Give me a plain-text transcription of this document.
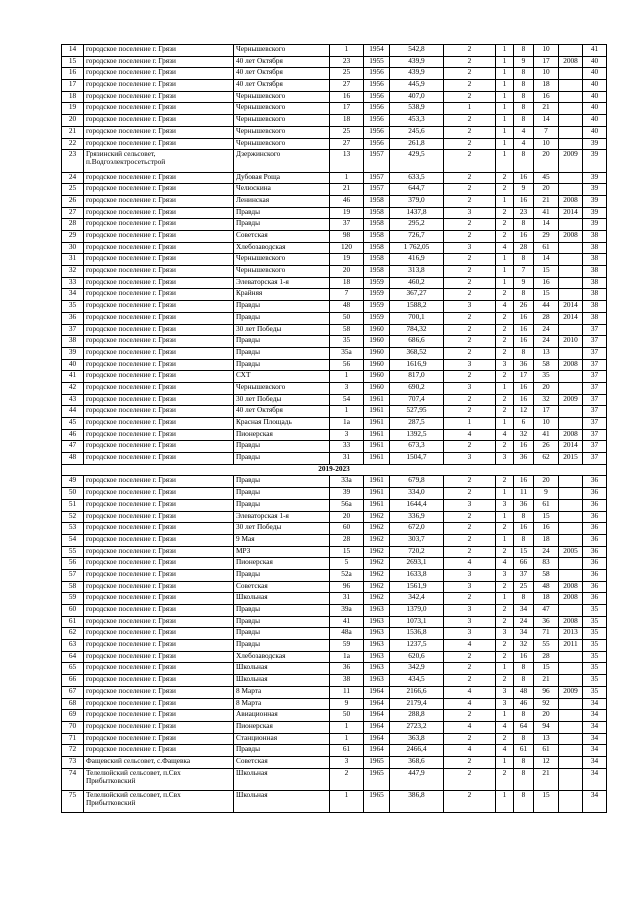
14	городское поселение г. Грязи	Чернышевского	1	1954	542,8	2	1	8	10		41
15	городское поселение г. Грязи	40 лет Октября	23	1955	439,9	2	1	9	17	2008	40
16	городское поселение г. Грязи	40 лет Октября	25	1956	439,9	2	1	8	10		40
17	городское поселение г. Грязи	40 лет Октября	27	1956	445,9	2	1	8	18		40
18	городское поселение г. Грязи	Чернышевского	16	1956	407,0	2	1	8	16		40
19	городское поселение г. Грязи	Чернышевского	17	1956	538,9	1	1	8	21		40
20	городское поселение г. Грязи	Чернышевского	18	1956	453,3	2	1	8	14		40
21	городское поселение г. Грязи	Чернышевского	25	1956	245,6	2	1	4	7		40
22	городское поселение г. Грязи	Чернышевского	27	1956	261,8	2	1	4	10		39
23	Грязинский сельсовет, п.Водгоэлектросетьстрой	Дзержинского	13	1957	429,5	2	1	8	20	2009	39
24	городское поселение г. Грязи	Дубовая Роща	1	1957	633,5	2	2	16	45		39
25	городское поселение г. Грязи	Челюскина	21	1957	644,7	2	2	9	20		39
26	городское поселение г. Грязи	Ленинская	46	1958	379,0	2	1	16	21	2008	39
27	городское поселение г. Грязи	Правды	19	1958	1437,8	3	2	23	41	2014	39
28	городское поселение г. Грязи	Правды	37	1958	295,2	2	2	8	14		39
29	городское поселение г. Грязи	Советская	98	1958	726,7	2	2	16	29	2008	38
30	городское поселение г. Грязи	Хлебозаводская	120	1958	1 762,05	3	4	28	61		38
31	городское поселение г. Грязи	Чернышевского	19	1958	416,9	2	1	8	14		38
32	городское поселение г. Грязи	Чернышевского	20	1958	313,8	2	1	7	15		38
33	городское поселение г. Грязи	Элеваторская 1-я	18	1959	460,2	2	1	9	16		38
34	городское поселение г. Грязи	Крайняя	7	1959	367,27	2	2	8	15		38
35	городское поселение г. Грязи	Правды	48	1959	1588,2	3	4	26	44	2014	38
36	городское поселение г. Грязи	Правды	50	1959	700,1	2	2	16	28	2014	38
37	городское поселение г. Грязи	30 лет Победы	58	1960	784,32	2	2	16	24		37
38	городское поселение г. Грязи	Правды	35	1960	686,6	2	2	16	24	2010	37
39	городское поселение г. Грязи	Правды	35а	1960	368,52	2	2	8	13		37
40	городское поселение г. Грязи	Правды	56	1960	1616,9	3	3	36	58	2008	37
41	городское поселение г. Грязи	СХТ	1	1960	817,0	2	2	17	35		37
42	городское поселение г. Грязи	Чернышевского	3	1960	690,2	3	1	16	20		37
43	городское поселение г. Грязи	30 лет Победы	54	1961	707,4	2	2	16	32	2009	37
44	городское поселение г. Грязи	40 лет Октября	1	1961	527,95	2	2	12	17		37
45	городское поселение г. Грязи	Красная Площадь	1а	1961	287,5	1	1	6	10		37
46	городское поселение г. Грязи	Пионерская	3	1961	1392,5	4	4	32	41	2008	37
47	городское поселение г. Грязи	Правды	33	1961	673,3	2	2	16	26	2014	37
48	городское поселение г. Грязи	Правды	31	1961	1504,7	3	3	36	62	2015	37
2019-2023											
49	городское поселение г. Грязи	Правды	33а	1961	679,8	2	2	16	20		36
50	городское поселение г. Грязи	Правды	39	1961	334,0	2	1	11	9		36
51	городское поселение г. Грязи	Правды	56а	1961	1644,4	3	3	36	61		36
52	городское поселение г. Грязи	Элеваторская 1-я	20	1962	336,9	2	1	8	15		36
53	городское поселение г. Грязи	30 лет Победы	60	1962	672,0	2	2	16	16		36
54	городское поселение г. Грязи	9 Мая	28	1962	303,7	2	1	8	18		36
55	городское поселение г. Грязи	МРЗ	15	1962	720,2	2	2	15	24	2005	36
56	городское поселение г. Грязи	Пионерская	5	1962	2693,1	4	4	66	83		36
57	городское поселение г. Грязи	Правды	52а	1962	1633,8	3	3	37	58		36
58	городское поселение г. Грязи	Советская	96	1962	1561,9	3	2	25	48	2008	36
59	городское поселение г. Грязи	Школьная	31	1962	342,4	2	1	8	18	2008	36
60	городское поселение г. Грязи	Правды	39а	1963	1379,0	3	2	34	47		35
61	городское поселение г. Грязи	Правды	41	1963	1073,1	3	2	24	36	2008	35
62	городское поселение г. Грязи	Правды	48а	1963	1536,8	3	3	34	71	2013	35
63	городское поселение г. Грязи	Правды	59	1963	1237,5	4	2	32	55	2011	35
64	городское поселение г. Грязи	Хлебозаводская	1а	1963	620,6	2	2	16	28		35
65	городское поселение г. Грязи	Школьная	36	1963	342,9	2	1	8	15		35
66	городское поселение г. Грязи	Школьная	38	1963	434,5	2	2	8	21		35
67	городское поселение г. Грязи	8 Марта	11	1964	2166,6	4	3	48	96	2009	35
68	городское поселение г. Грязи	8 Марта	9	1964	2179,4	4	3	46	92		34
69	городское поселение г. Грязи	Авиационная	50	1964	288,8	2	1	8	20		34
70	городское поселение г. Грязи	Пионерская	1	1964	2723,2	4	4	64	94		34
71	городское поселение г. Грязи	Станционная	1	1964	363,8	2	2	8	13		34
72	городское поселение г. Грязи	Правды	61	1964	2466,4	4	4	61	61		34
73	Фащевский сельсовет, с.Фащевка	Советская	3	1965	368,6	2	1	8	12		34
74	Телелюйский сельсовет, п.Свх Прибытковский	Школьная	2	1965	447,9	2	2	8	21		34
75	Телелюйский сельсовет, п.Свх Прибытковский	Школьная	1	1965	386,8	2	1	8	15		34
